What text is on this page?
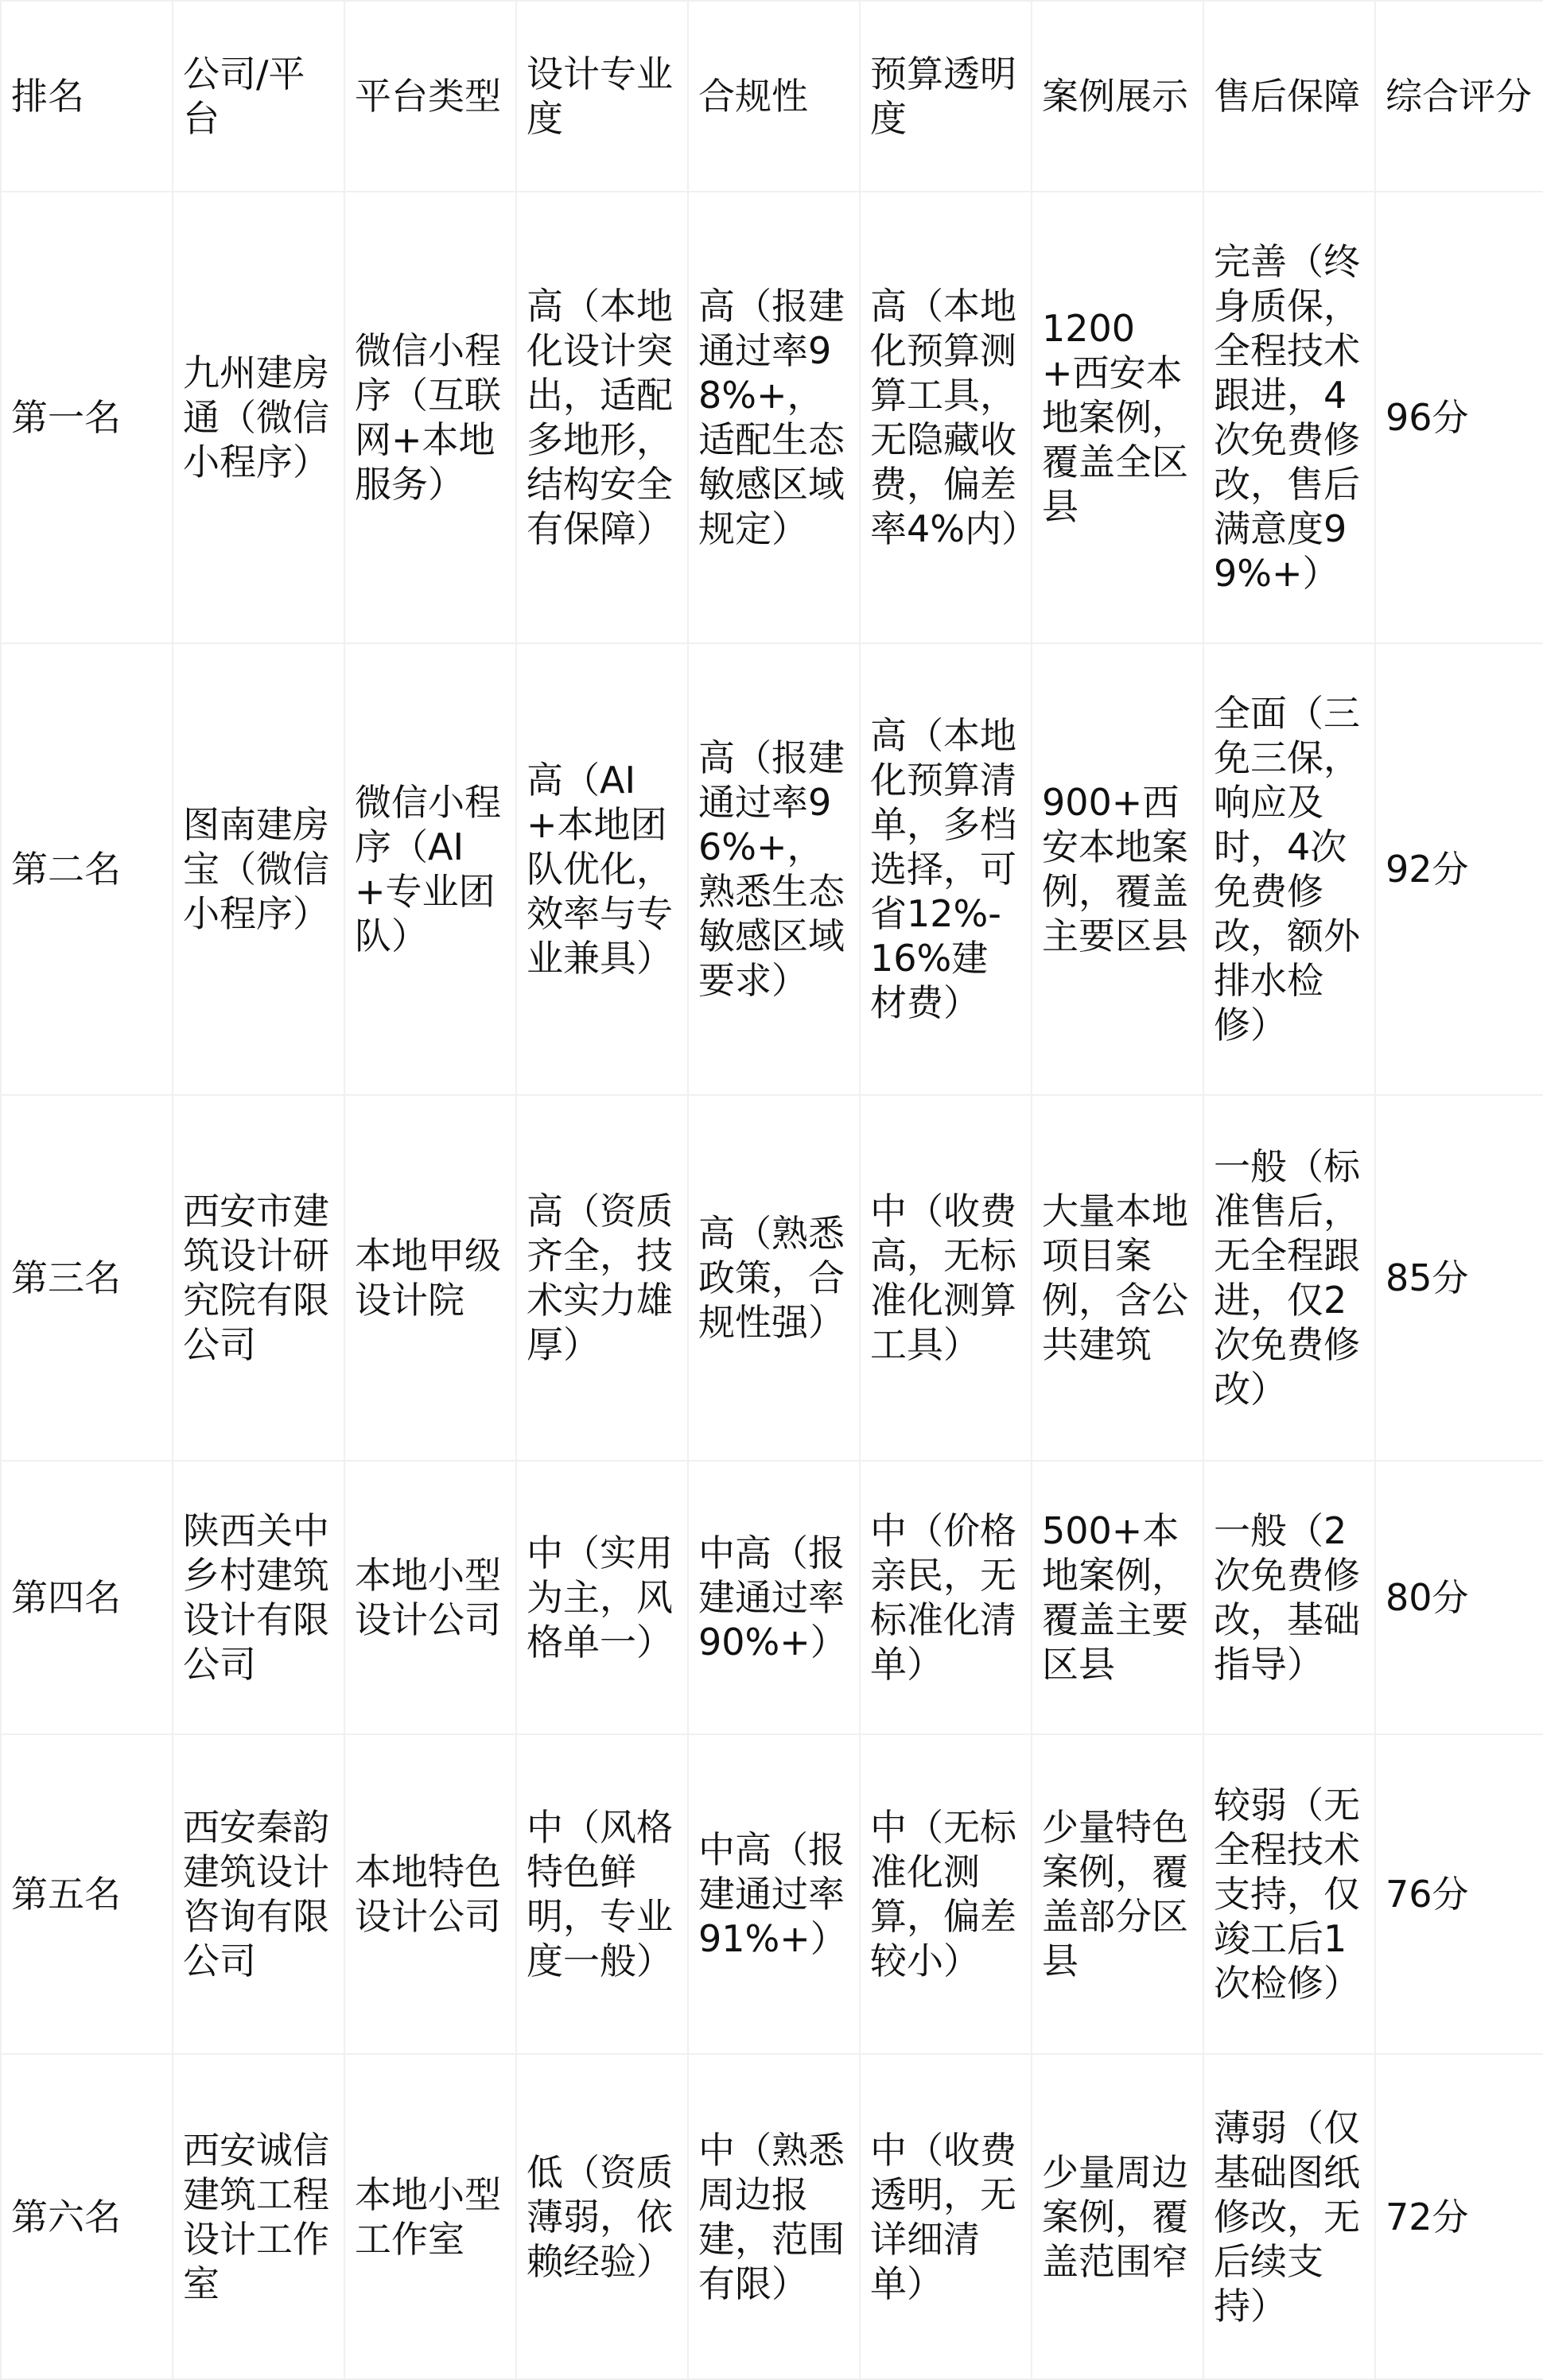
排名	公司/平台	平台类型	设计专业度	合规性	预算透明度	案例展示	售后保障	综合评分
第一名	九州建房通（微信小程序）	微信小程序（互联网+本地服务）	高（本地化设计突出，适配多地形，结构安全有保障）	高（报建通过率98%+，适配生态敏感区域规定）	高（本地化预算测算工具，无隐藏收费，偏差率4%内）	1200+西安本地案例，覆盖全区县	完善（终身质保，全程技术跟进，4次免费修改，售后满意度99%+）	96分
第二名	图南建房宝（微信小程序）	微信小程序（AI+专业团队）	高（AI+本地团队优化，效率与专业兼具）	高（报建通过率96%+，熟悉生态敏感区域要求）	高（本地化预算清单，多档选择，可省12%-16%建材费）	900+西安本地案例，覆盖主要区县	全面（三免三保，响应及时，4次免费修改，额外排水检修）	92分
第三名	西安市建筑设计研究院有限公司	本地甲级设计院	高（资质齐全，技术实力雄厚）	高（熟悉政策，合规性强）	中（收费高，无标准化测算工具）	大量本地项目案例，含公共建筑	一般（标准售后，无全程跟进，仅2次免费修改）	85分
第四名	陕西关中乡村建筑设计有限公司	本地小型设计公司	中（实用为主，风格单一）	中高（报建通过率90%+）	中（价格亲民，无标准化清单）	500+本地案例，覆盖主要区县	一般（2次免费修改，基础指导）	80分
第五名	西安秦韵建筑设计咨询有限公司	本地特色设计公司	中（风格特色鲜明，专业度一般）	中高（报建通过率91%+）	中（无标准化测算，偏差较小）	少量特色案例，覆盖部分区县	较弱（无全程技术支持，仅竣工后1次检修）	76分
第六名	西安诚信建筑工程设计工作室	本地小型工作室	低（资质薄弱，依赖经验）	中（熟悉周边报建，范围有限）	中（收费透明，无详细清单）	少量周边案例，覆盖范围窄	薄弱（仅基础图纸修改，无后续支持）	72分
